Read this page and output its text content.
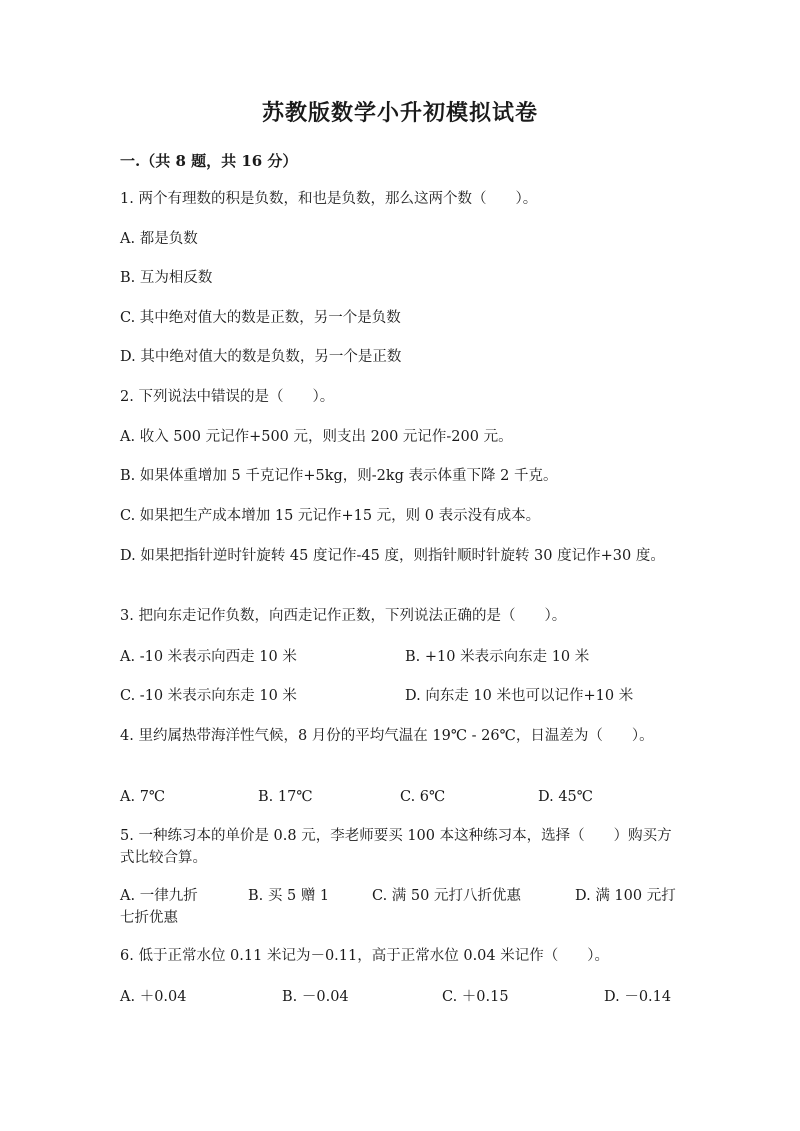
苏教版数学小升初模拟试卷
一.（共 8 题，共 16 分）
1. 两个有理数的积是负数，和也是负数，那么这两个数（　　）。
A. 都是负数
B. 互为相反数
C. 其中绝对值大的数是正数，另一个是负数
D. 其中绝对值大的数是负数，另一个是正数
2. 下列说法中错误的是（　　）。
A. 收入 500 元记作+500 元，则支出 200 元记作-200 元。
B. 如果体重增加 5 千克记作+5kg，则-2kg 表示体重下降 2 千克。
C. 如果把生产成本增加 15 元记作+15 元，则 0 表示没有成本。
D. 如果把指针逆时针旋转 45 度记作-45 度，则指针顺时针旋转 30 度记作+30 度。
3. 把向东走记作负数，向西走记作正数，下列说法正确的是（　　）。
A. -10 米表示向西走 10 米	B. +10 米表示向东走 10 米
C. -10 米表示向东走 10 米	D. 向东走 10 米也可以记作+10 米
4. 里约属热带海洋性气候，8 月份的平均气温在 19℃ - 26℃，日温差为（　　）。
A. 7℃	B. 17℃	C. 6℃	D. 45℃
5. 一种练习本的单价是 0.8 元，李老师要买 100 本这种练习本，选择（　　）购买方式比较合算。
A. 一律九折	B. 买 5 赠 1	C. 满 50 元打八折优惠	D. 满 100 元打七折优惠
6. 低于正常水位 0.11 米记为－0.11，高于正常水位 0.04 米记作（　　）。
A. ＋0.04	B. －0.04	C. ＋0.15	D. －0.14
